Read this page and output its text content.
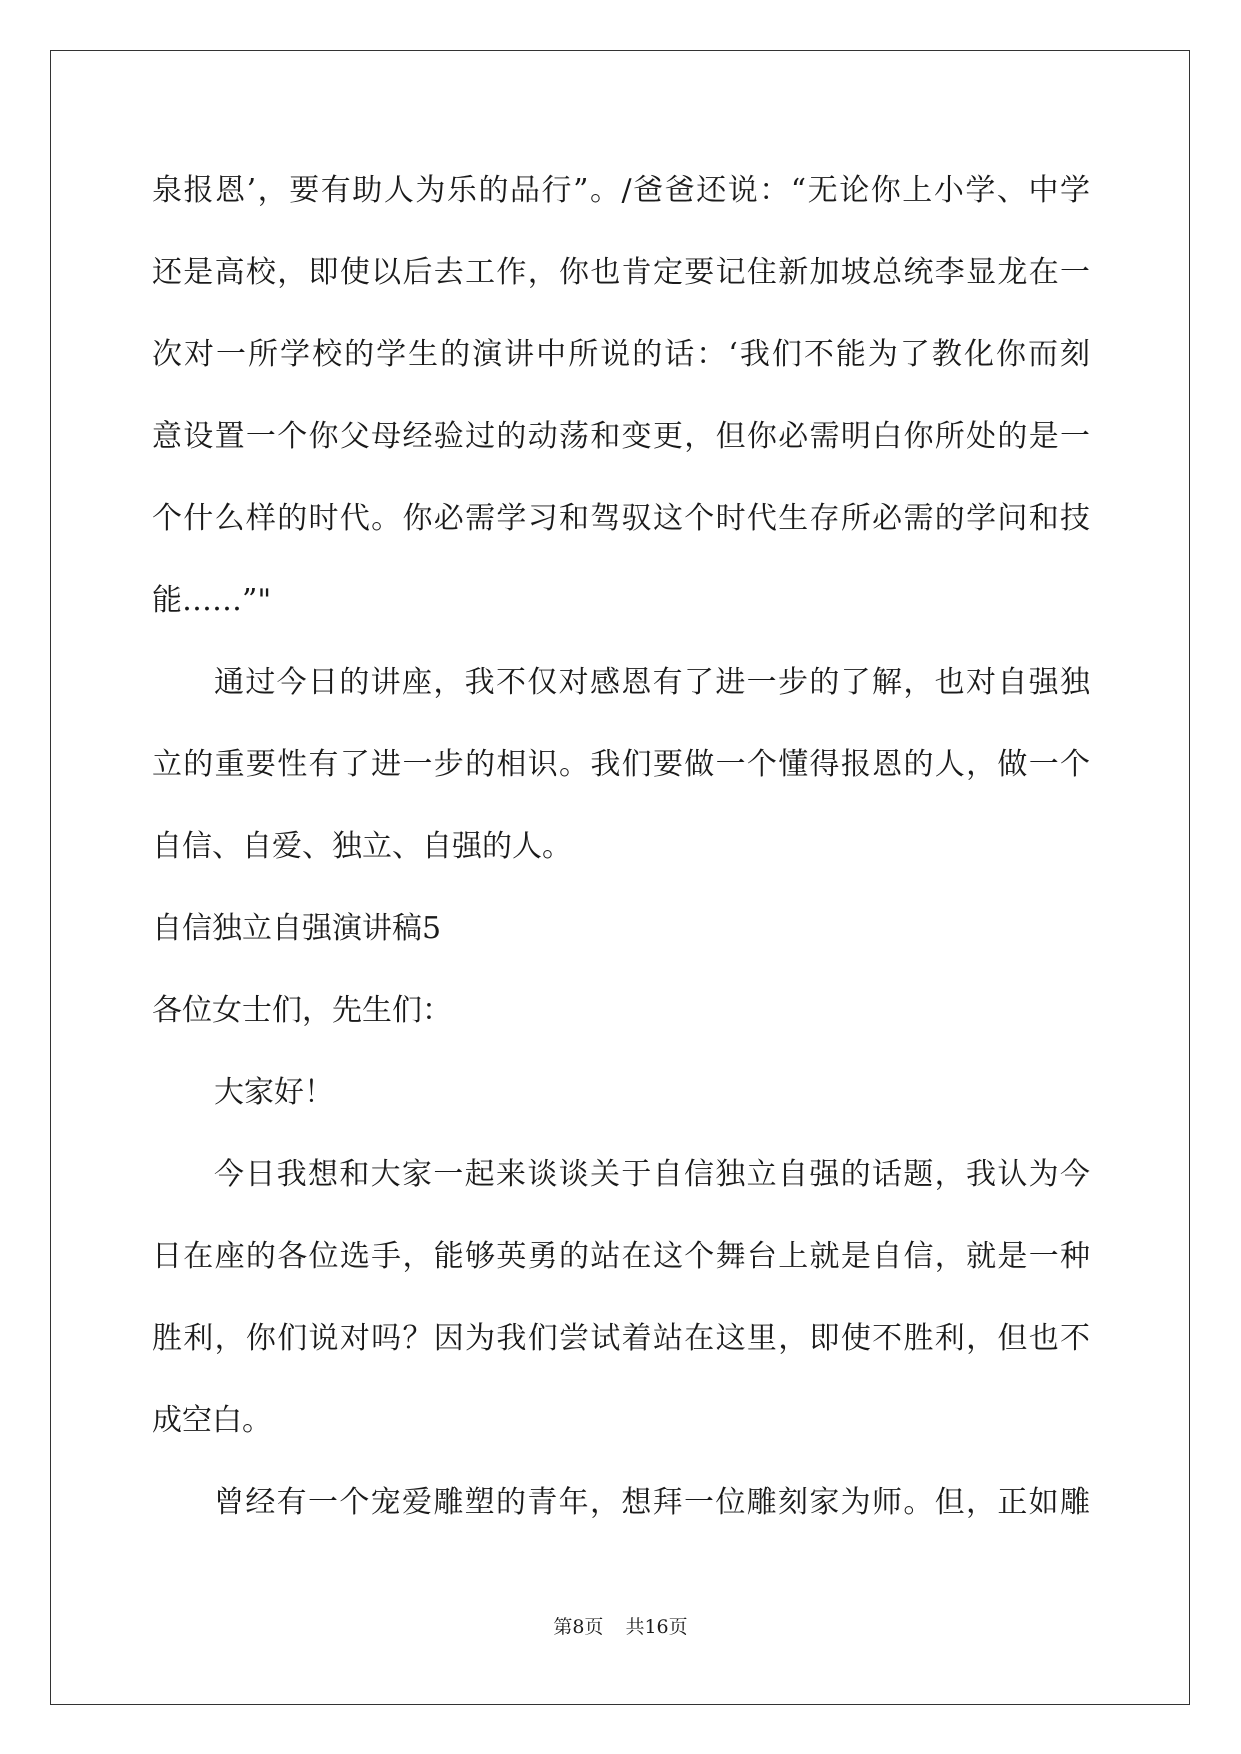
泉报恩’，要有助人为乐的品行”。/爸爸还说：“无论你上小学、中学
还是高校，即使以后去工作，你也肯定要记住新加坡总统李显龙在一
次对一所学校的学生的演讲中所说的话：‘我们不能为了教化你而刻
意设置一个你父母经验过的动荡和变更，但你必需明白你所处的是一
个什么样的时代。你必需学习和驾驭这个时代生存所必需的学问和技
能……”"
通过今日的讲座，我不仅对感恩有了进一步的了解，也对自强独
立的重要性有了进一步的相识。我们要做一个懂得报恩的人，做一个
自信、自爱、独立、自强的人。
自信独立自强演讲稿5
各位女士们，先生们：
大家好！
今日我想和大家一起来谈谈关于自信独立自强的话题，我认为今
日在座的各位选手，能够英勇的站在这个舞台上就是自信，就是一种
胜利，你们说对吗？因为我们尝试着站在这里，即使不胜利，但也不
成空白。
曾经有一个宠爱雕塑的青年，想拜一位雕刻家为师。但，正如雕
第8页 共16页
